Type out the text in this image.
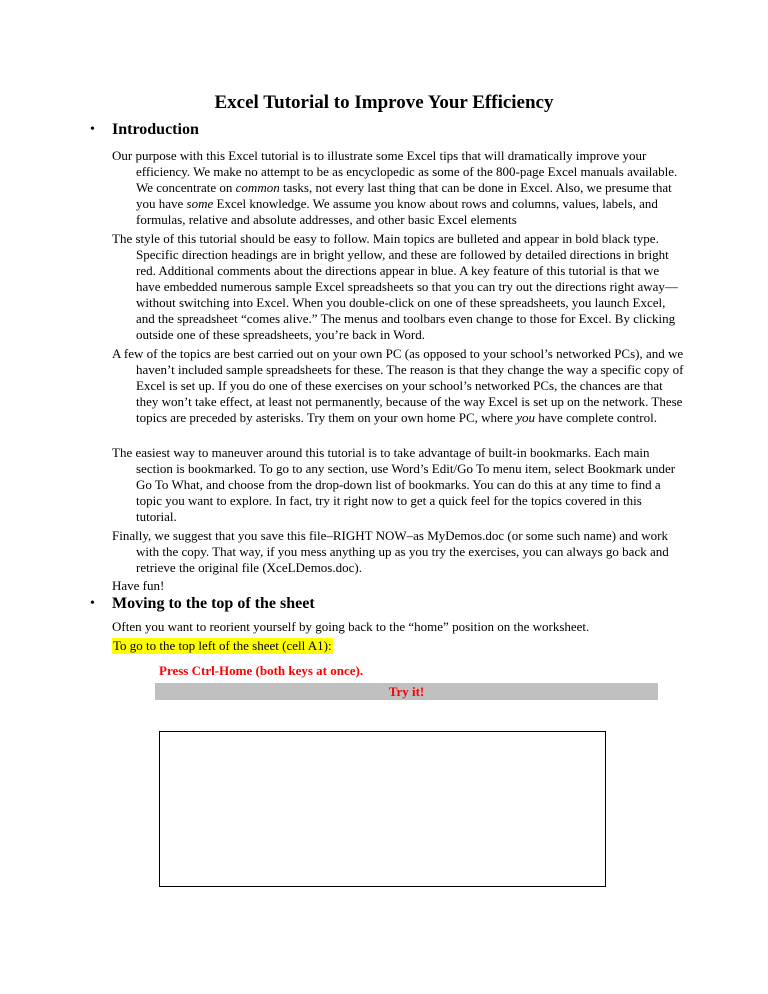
Excel Tutorial to Improve Your Efficiency
• Introduction

Our purpose with this Excel tutorial is to illustrate some Excel tips that will dramatically improve your efficiency. We make no attempt to be as encyclopedic as some of the 800-page Excel manuals available. We concentrate on common tasks, not every last thing that can be done in Excel. Also, we presume that you have some Excel knowledge. We assume you know about rows and columns, values, labels, and formulas, relative and absolute addresses, and other basic Excel elements

The style of this tutorial should be easy to follow. Main topics are bulleted and appear in bold black type. Specific direction headings are in bright yellow, and these are followed by detailed directions in bright red. Additional comments about the directions appear in blue. A key feature of this tutorial is that we have embedded numerous sample Excel spreadsheets so that you can try out the directions right away—without switching into Excel. When you double-click on one of these spreadsheets, you launch Excel, and the spreadsheet “comes alive.” The menus and toolbars even change to those for Excel. By clicking outside one of these spreadsheets, you’re back in Word.

A few of the topics are best carried out on your own PC (as opposed to your school’s networked PCs), and we haven’t included sample spreadsheets for these. The reason is that they change the way a specific copy of Excel is set up. If you do one of these exercises on your school’s networked PCs, the chances are that they won’t take effect, at least not permanently, because of the way Excel is set up on the network. These topics are preceded by asterisks. Try them on your own home PC, where you have complete control.

The easiest way to maneuver around this tutorial is to take advantage of built-in bookmarks. Each main section is bookmarked. To go to any section, use Word’s Edit/Go To menu item, select Bookmark under Go To What, and choose from the drop-down list of bookmarks. You can do this at any time to find a topic you want to explore. In fact, try it right now to get a quick feel for the topics covered in this tutorial.

Finally, we suggest that you save this file–RIGHT NOW–as MyDemos.doc (or some such name) and work with the copy. That way, if you mess anything up as you try the exercises, you can always go back and retrieve the original file (XceLDemos.doc).

Have fun!

• Moving to the top of the sheet

Often you want to reorient yourself by going back to the “home” position on the worksheet.

To go to the top left of the sheet (cell A1):

Press Ctrl-Home (both keys at once).

Try it!
